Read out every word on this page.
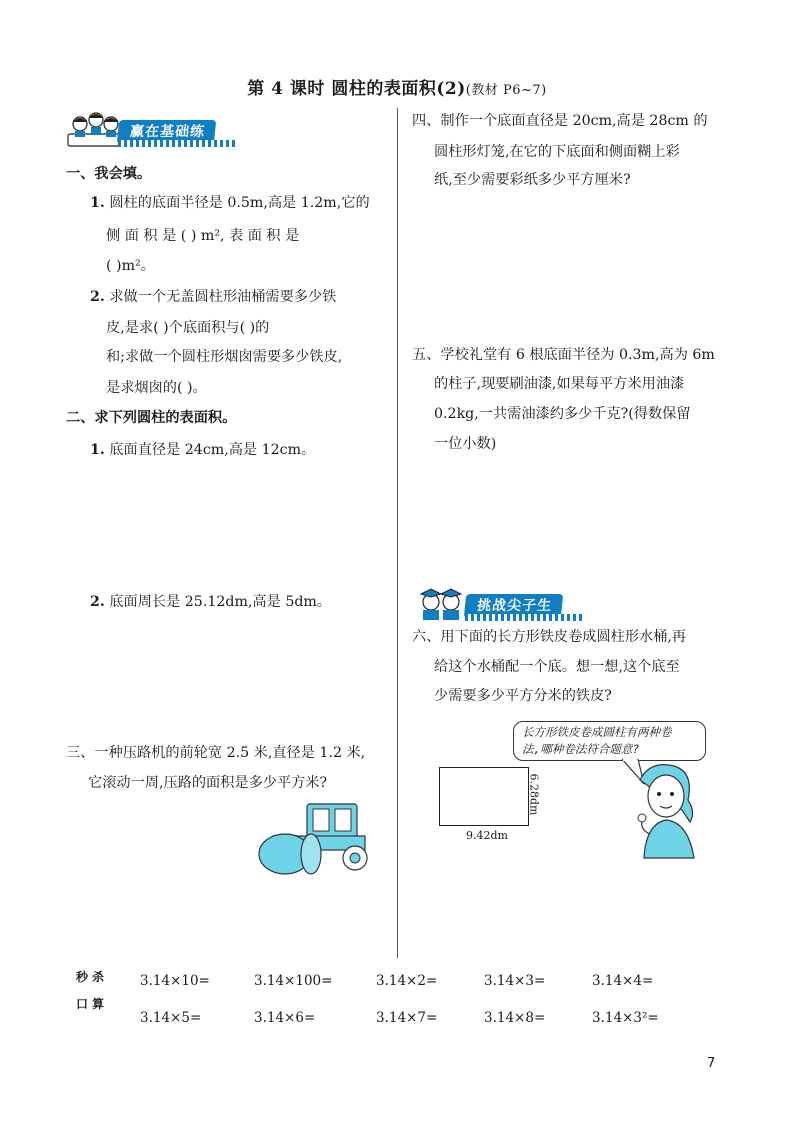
第 4 课时 圆柱的表面积(2)(教材 P6~7)
赢在基础练
一、我会填。
1. 圆柱的底面半径是 0.5m,高是 1.2m,它的
侧 面 积 是 ( ) m², 表 面 积 是
( )m²。
2. 求做一个无盖圆柱形油桶需要多少铁
皮,是求( )个底面积与( )的
和;求做一个圆柱形烟囱需要多少铁皮,
是求烟囱的( )。
二、求下列圆柱的表面积。
1. 底面直径是 24cm,高是 12cm。
2. 底面周长是 25.12dm,高是 5dm。
三、一种压路机的前轮宽 2.5 米,直径是 1.2 米,
它滚动一周,压路的面积是多少平方米?
四、制作一个底面直径是 20cm,高是 28cm 的
圆柱形灯笼,在它的下底面和侧面糊上彩
纸,至少需要彩纸多少平方厘米?
五、学校礼堂有 6 根底面半径为 0.3m,高为 6m
的柱子,现要刷油漆,如果每平方米用油漆
0.2kg,一共需油漆约多少千克?(得数保留
一位小数)
挑战尖子生
六、用下面的长方形铁皮卷成圆柱形水桶,再
给这个水桶配一个底。想一想,这个底至
少需要多少平方分米的铁皮?
长方形铁皮卷成圆柱有两种卷
法,哪种卷法符合题意?
9.42dm
6.28dm
秒杀
口算
3.14×10=	3.14×100=	3.14×2=	3.14×3=	3.14×4=
3.14×5=	3.14×6=	3.14×7=	3.14×8=	3.14×3²=
7
